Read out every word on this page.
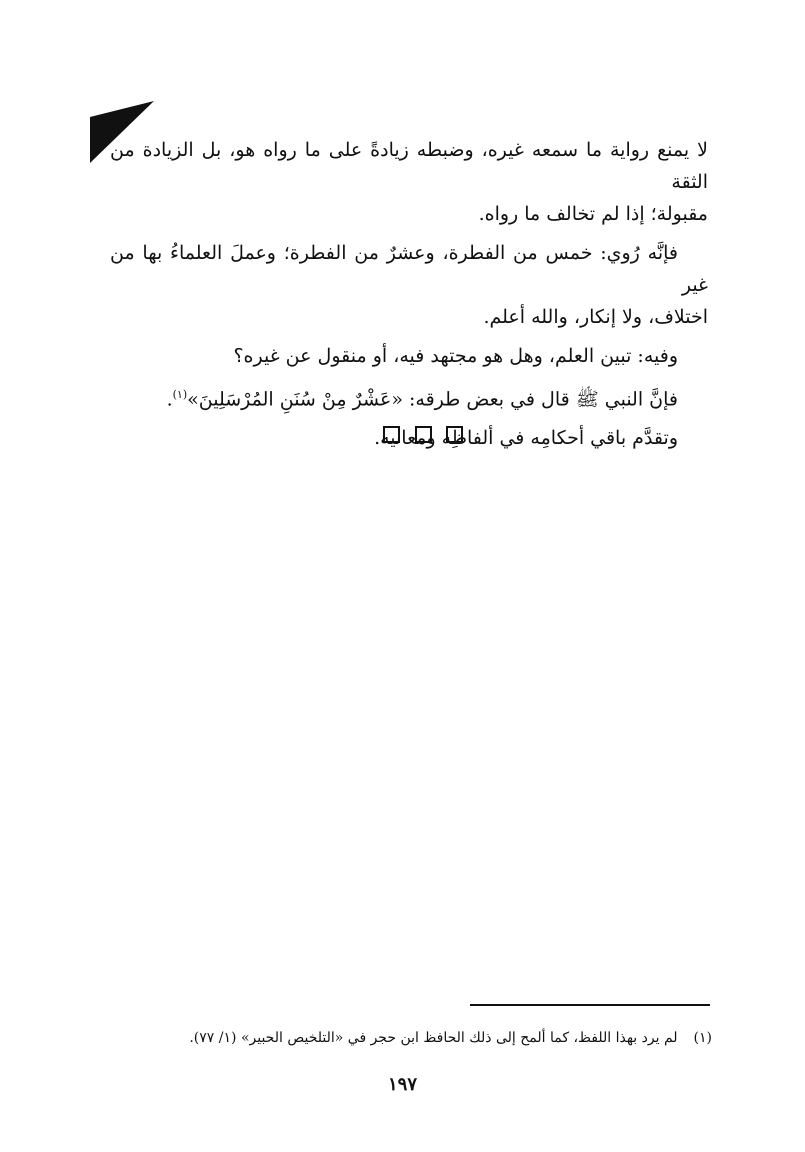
لا يمنع رواية ما سمعه غيره، وضبطه زيادةً على ما رواه هو، بل الزيادة من الثقة
مقبولة؛ إذا لم تخالف ما رواه.

فإنَّه رُوي: خمس من الفطرة، وعشرٌ من الفطرة؛ وعملَ العلماءُ بها من غير
اختلاف، ولا إنكار، والله أعلم.

وفيه: تبين العلم، وهل هو مجتهد فيه، أو منقول عن غيره؟

فإنَّ النبي ﷺ قال في بعض طرقه: «عَشْرٌ مِنْ سُنَنِ المُرْسَلِينَ»$^{(١)}$.

وتقدَّم باقي أحكامِه في ألفاظِه ومعانيه.

(١)لم يرد بهذا اللفظ، كما ألمح إلى ذلك الحافظ ابن حجر في «التلخيص الحبير» (١/ ٧٧).
١٩٧
